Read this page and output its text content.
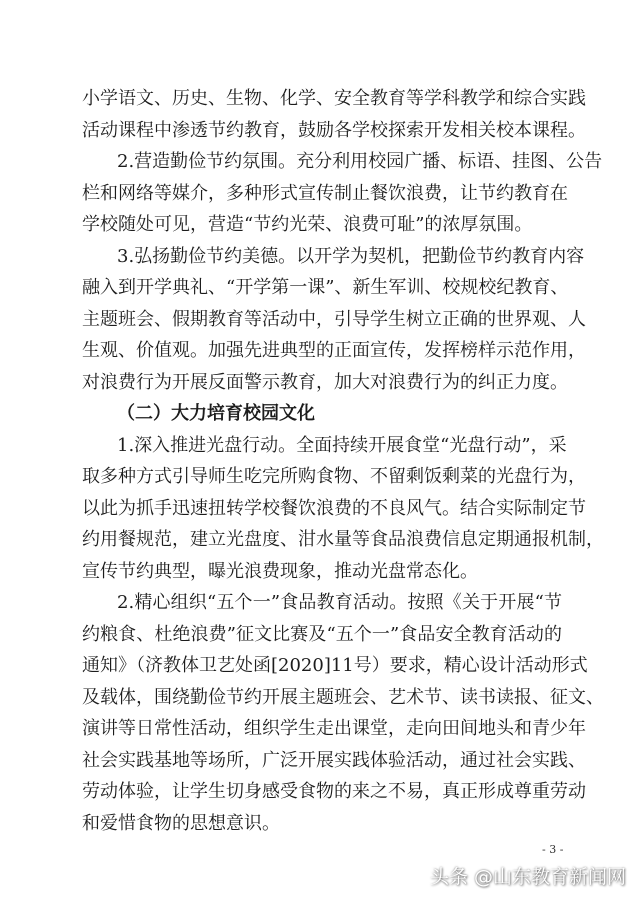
小学语文、历史、生物、化学、安全教育等学科教学和综合实践
活动课程中渗透节约教育，鼓励各学校探索开发相关校本课程。
2.营造勤俭节约氛围。充分利用校园广播、标语、挂图、公告
栏和网络等媒介，多种形式宣传制止餐饮浪费，让节约教育在
学校随处可见，营造“节约光荣、浪费可耻”的浓厚氛围。
3.弘扬勤俭节约美德。以开学为契机，把勤俭节约教育内容
融入到开学典礼、“开学第一课”、新生军训、校规校纪教育、
主题班会、假期教育等活动中，引导学生树立正确的世界观、人
生观、价值观。加强先进典型的正面宣传，发挥榜样示范作用，
对浪费行为开展反面警示教育，加大对浪费行为的纠正力度。
（二）大力培育校园文化
1.深入推进光盘行动。全面持续开展食堂“光盘行动”，采
取多种方式引导师生吃完所购食物、不留剩饭剩菜的光盘行为，
以此为抓手迅速扭转学校餐饮浪费的不良风气。结合实际制定节
约用餐规范，建立光盘度、泔水量等食品浪费信息定期通报机制，
宣传节约典型，曝光浪费现象，推动光盘常态化。
2.精心组织“五个一”食品教育活动。按照《关于开展“节
约粮食、杜绝浪费”征文比赛及“五个一”食品安全教育活动的
通知》（济教体卫艺处函[2020]11号）要求，精心设计活动形式
及载体，围绕勤俭节约开展主题班会、艺术节、读书读报、征文、
演讲等日常性活动，组织学生走出课堂，走向田间地头和青少年
社会实践基地等场所，广泛开展实践体验活动，通过社会实践、
劳动体验，让学生切身感受食物的来之不易，真正形成尊重劳动
和爱惜食物的思想意识。
- 3 -
头条 @山东教育新闻网
